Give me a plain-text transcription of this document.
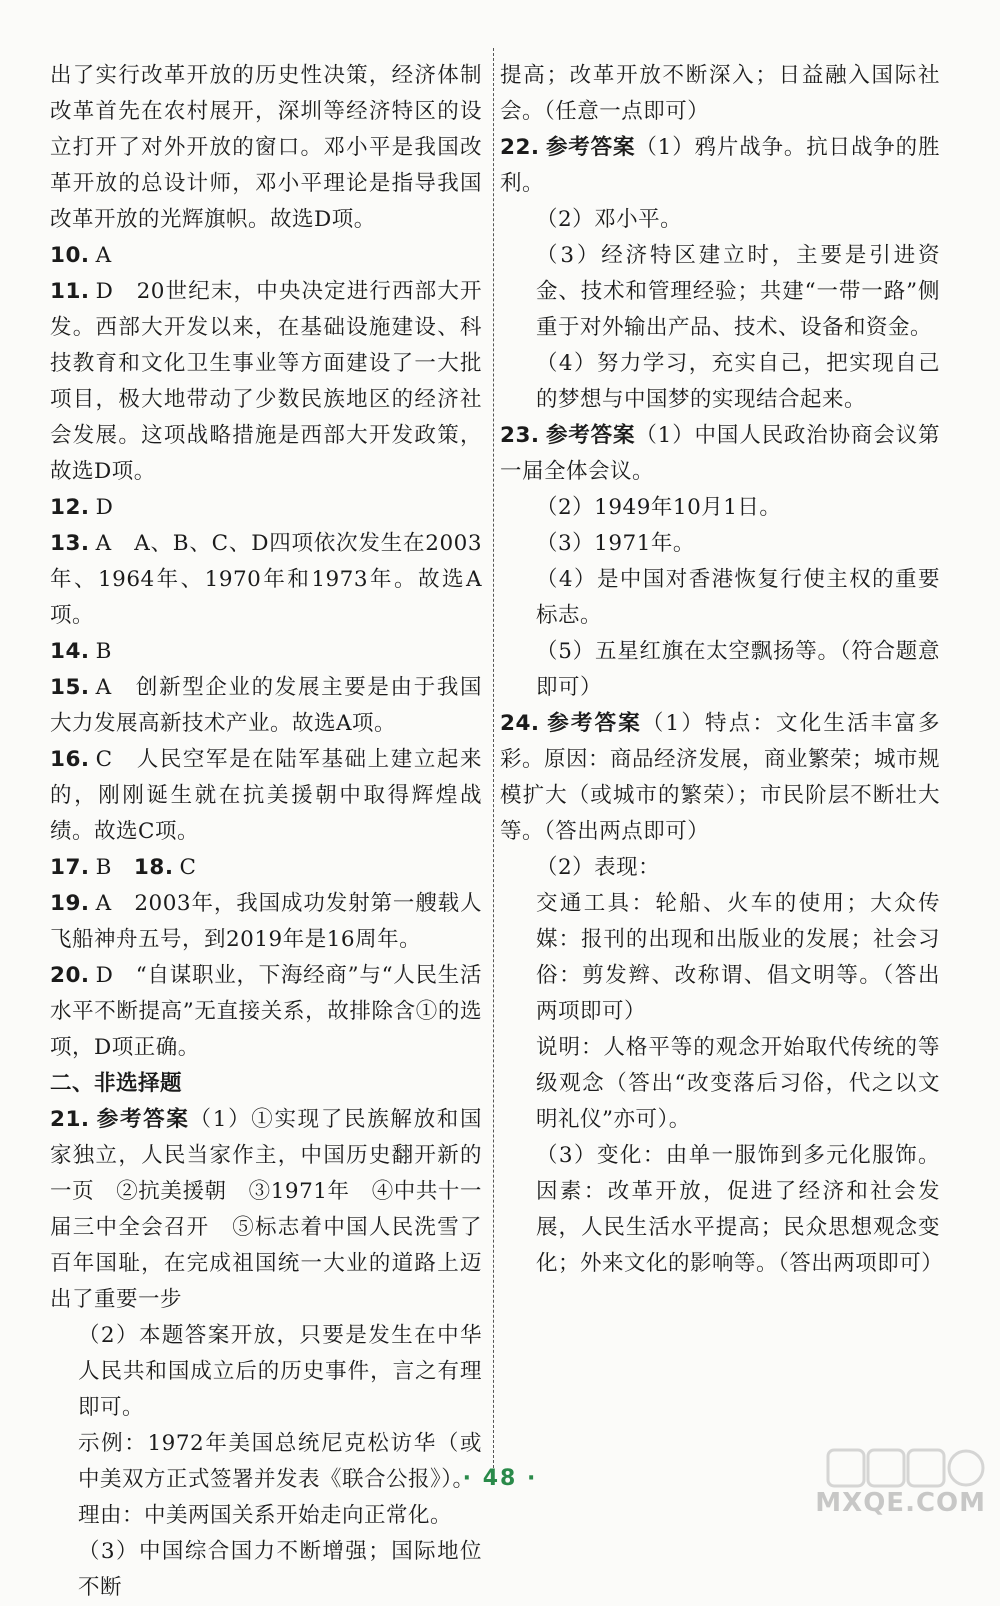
出了实行改革开放的历史性决策，经济体制改革首先在农村展开，深圳等经济特区的设立打开了对外开放的窗口。邓小平是我国改革开放的总设计师，邓小平理论是指导我国改革开放的光辉旗帜。故选D项。

10. A

11. D　20世纪末，中央决定进行西部大开发。西部大开发以来，在基础设施建设、科技教育和文化卫生事业等方面建设了一大批项目，极大地带动了少数民族地区的经济社会发展。这项战略措施是西部大开发政策，故选D项。

12. D

13. A　A、B、C、D四项依次发生在2003年、1964年、1970年和1973年。故选A项。

14. B

15. A　创新型企业的发展主要是由于我国大力发展高新技术产业。故选A项。

16. C　人民空军是在陆军基础上建立起来的，刚刚诞生就在抗美援朝中取得辉煌战绩。故选C项。

17. B　18. C

19. A　2003年，我国成功发射第一艘载人飞船神舟五号，到2019年是16周年。

20. D　“自谋职业，下海经商”与“人民生活水平不断提高”无直接关系，故排除含①的选项，D项正确。

二、非选择题

21. 参考答案（1）①实现了民族解放和国家独立，人民当家作主，中国历史翻开新的一页　②抗美援朝　③1971年　④中共十一届三中全会召开　⑤标志着中国人民洗雪了百年国耻，在完成祖国统一大业的道路上迈出了重要一步

（2）本题答案开放，只要是发生在中华人民共和国成立后的历史事件，言之有理即可。

示例：1972年美国总统尼克松访华（或中美双方正式签署并发表《联合公报》）。

理由：中美两国关系开始走向正常化。

（3）中国综合国力不断增强；国际地位不断

提高；改革开放不断深入；日益融入国际社会。（任意一点即可）

22. 参考答案（1）鸦片战争。抗日战争的胜利。

（2）邓小平。

（3）经济特区建立时，主要是引进资金、技术和管理经验；共建“一带一路”侧重于对外输出产品、技术、设备和资金。

（4）努力学习，充实自己，把实现自己的梦想与中国梦的实现结合起来。

23. 参考答案（1）中国人民政治协商会议第一届全体会议。

（2）1949年10月1日。

（3）1971年。

（4）是中国对香港恢复行使主权的重要标志。

（5）五星红旗在太空飘扬等。（符合题意即可）

24. 参考答案（1）特点：文化生活丰富多彩。原因：商品经济发展，商业繁荣；城市规模扩大（或城市的繁荣）；市民阶层不断壮大等。（答出两点即可）

（2）表现：

交通工具：轮船、火车的使用；大众传媒：报刊的出现和出版业的发展；社会习俗：剪发辫、改称谓、倡文明等。（答出两项即可）

说明：人格平等的观念开始取代传统的等级观念（答出“改变落后习俗，代之以文明礼仪”亦可）。

（3）变化：由单一服饰到多元化服饰。因素：改革开放，促进了经济和社会发展，人民生活水平提高；民众思想观念变化；外来文化的影响等。（答出两项即可）

· 48 ·
MXQE.COM
